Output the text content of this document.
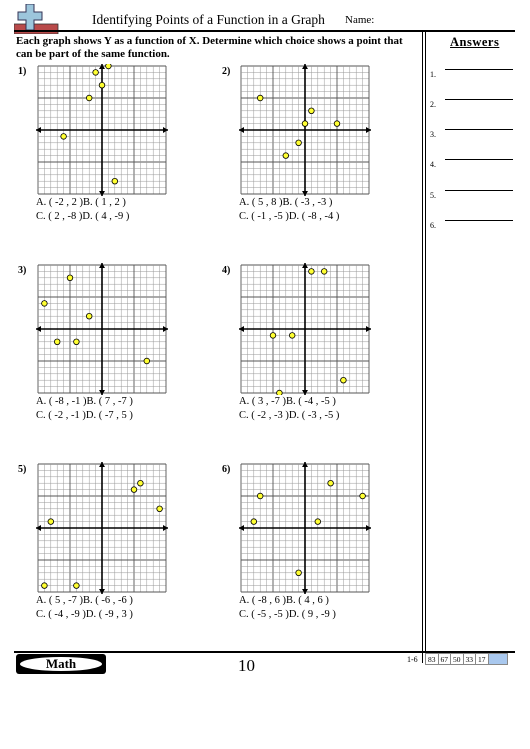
Identifying Points of a Function in a Graph Name:
Each graph shows Y as a function of X. Determine which choice shows a point that can be part of the same function.
Answers
1.
2.
3.
4.
5.
6.
1)
A. ( -2 , 2 )B. ( 1 , 2 )
C. ( 2 , -8 )D. ( 4 , -9 )
2)
A. ( 5 , 8 )B. ( -3 , -3 )
C. ( -1 , -5 )D. ( -8 , -4 )
3)
A. ( -8 , -1 )B. ( 7 , -7 )
C. ( -2 , -1 )D. ( -7 , 5 )
4)
A. ( 3 , -7 )B. ( -4 , -5 )
C. ( -2 , -3 )D. ( -3 , -5 )
5)
A. ( 5 , -7 )B. ( -6 , -6 )
C. ( -4 , -9 )D. ( -9 , 3 )
6)
A. ( -8 , 6 )B. ( 4 , 6 )
C. ( -5 , -5 )D. ( 9 , -9 )
Math	10	1-6 83	67	50	33	17	0
